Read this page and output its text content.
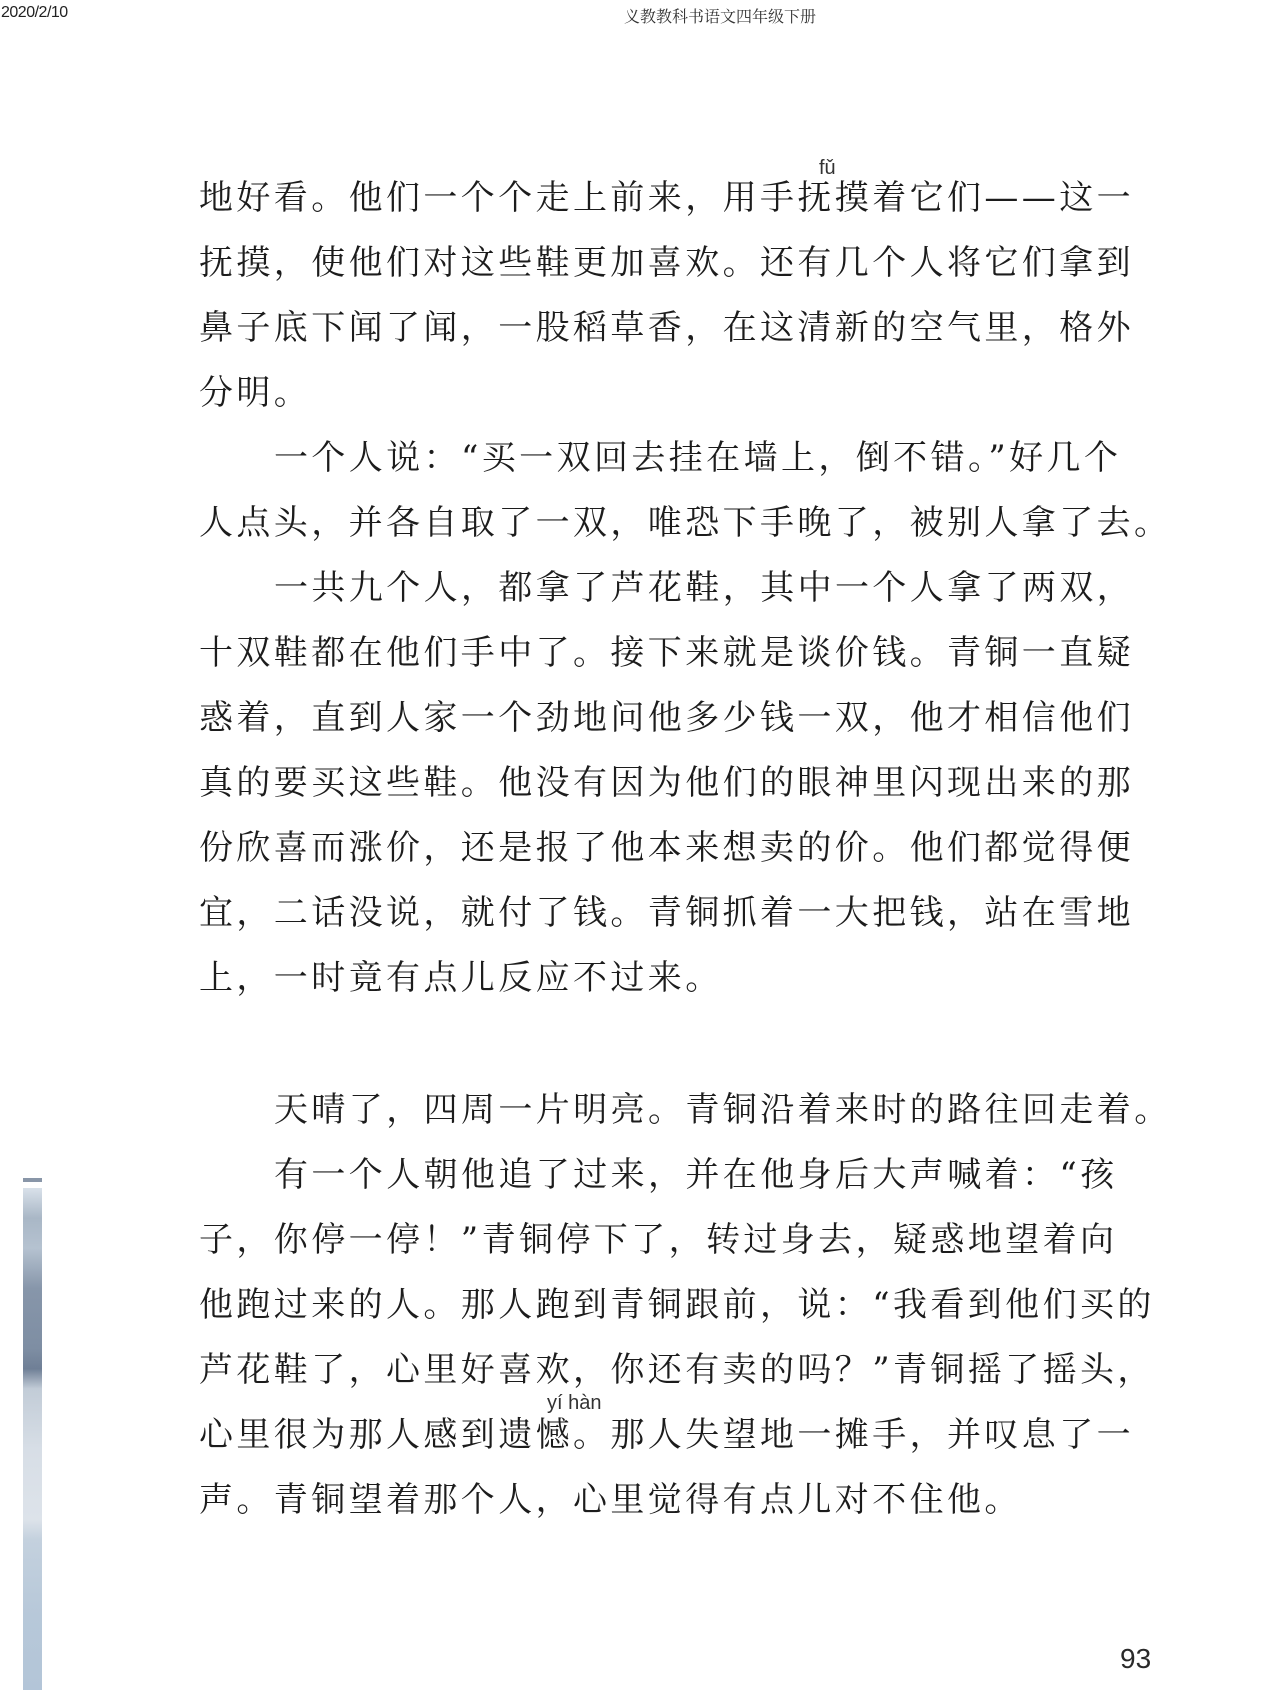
2020/2/10	义教教科书语文四年级下册
fǔ
地好看。他们一个个走上前来，用手抚摸着它们——这一
抚摸，使他们对这些鞋更加喜欢。还有几个人将它们拿到
鼻子底下闻了闻，一股稻草香，在这清新的空气里，格外
分明。
一个人说：“买一双回去挂在墙上，倒不错。”好几个
人点头，并各自取了一双，唯恐下手晚了，被别人拿了去。
一共九个人，都拿了芦花鞋，其中一个人拿了两双，
十双鞋都在他们手中了。接下来就是谈价钱。青铜一直疑
惑着，直到人家一个劲地问他多少钱一双，他才相信他们
真的要买这些鞋。他没有因为他们的眼神里闪现出来的那
份欣喜而涨价，还是报了他本来想卖的价。他们都觉得便
宜，二话没说，就付了钱。青铜抓着一大把钱，站在雪地
上，一时竟有点儿反应不过来。
天晴了，四周一片明亮。青铜沿着来时的路往回走着。
有一个人朝他追了过来，并在他身后大声喊着：“孩
子，你停一停！”青铜停下了，转过身去，疑惑地望着向
他跑过来的人。那人跑到青铜跟前，说：“我看到他们买的
芦花鞋了，心里好喜欢，你还有卖的吗？”青铜摇了摇头，
yí hàn
心里很为那人感到遗憾。那人失望地一摊手，并叹息了一
声。青铜望着那个人，心里觉得有点儿对不住他。
93
